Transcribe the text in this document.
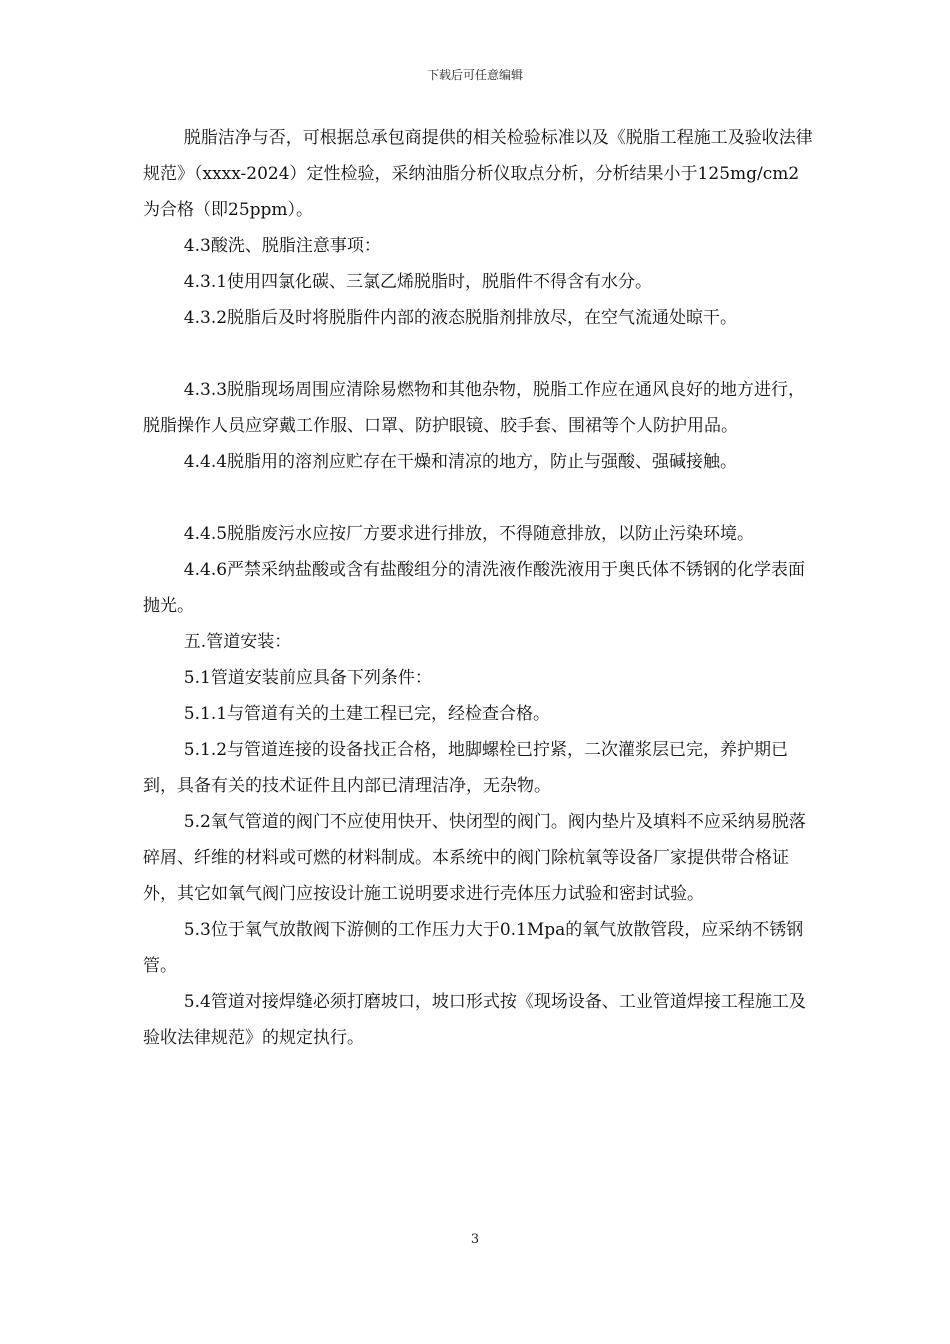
下载后可任意编辑

脱脂洁净与否，可根据总承包商提供的相关检验标准以及《脱脂工程施工及验收法律规范》（xxxx-2024）定性检验，采纳油脂分析仪取点分析，分析结果小于125mg/cm2为合格（即25ppm）。

4.3酸洗、脱脂注意事项：

4.3.1使用四氯化碳、三氯乙烯脱脂时，脱脂件不得含有水分。

4.3.2脱脂后及时将脱脂件内部的液态脱脂剂排放尽，在空气流通处晾干。

4.3.3脱脂现场周围应清除易燃物和其他杂物，脱脂工作应在通风良好的地方进行，脱脂操作人员应穿戴工作服、口罩、防护眼镜、胶手套、围裙等个人防护用品。

4.4.4脱脂用的溶剂应贮存在干燥和清凉的地方，防止与强酸、强碱接触。

4.4.5脱脂废污水应按厂方要求进行排放，不得随意排放，以防止污染环境。

4.4.6严禁采纳盐酸或含有盐酸组分的清洗液作酸洗液用于奥氏体不锈钢的化学表面抛光。

五.管道安装：

5.1管道安装前应具备下列条件：

5.1.1与管道有关的土建工程已完，经检查合格。

5.1.2与管道连接的设备找正合格，地脚螺栓已拧紧，二次灌浆层已完，养护期已到，具备有关的技术证件且内部已清理洁净，无杂物。

5.2氧气管道的阀门不应使用快开、快闭型的阀门。阀内垫片及填料不应采纳易脱落碎屑、纤维的材料或可燃的材料制成。本系统中的阀门除杭氧等设备厂家提供带合格证外，其它如氧气阀门应按设计施工说明要求进行壳体压力试验和密封试验。

5.3位于氧气放散阀下游侧的工作压力大于0.1Mpa的氧气放散管段，应采纳不锈钢管。

5.4管道对接焊缝必须打磨坡口，坡口形式按《现场设备、工业管道焊接工程施工及验收法律规范》的规定执行。

3
